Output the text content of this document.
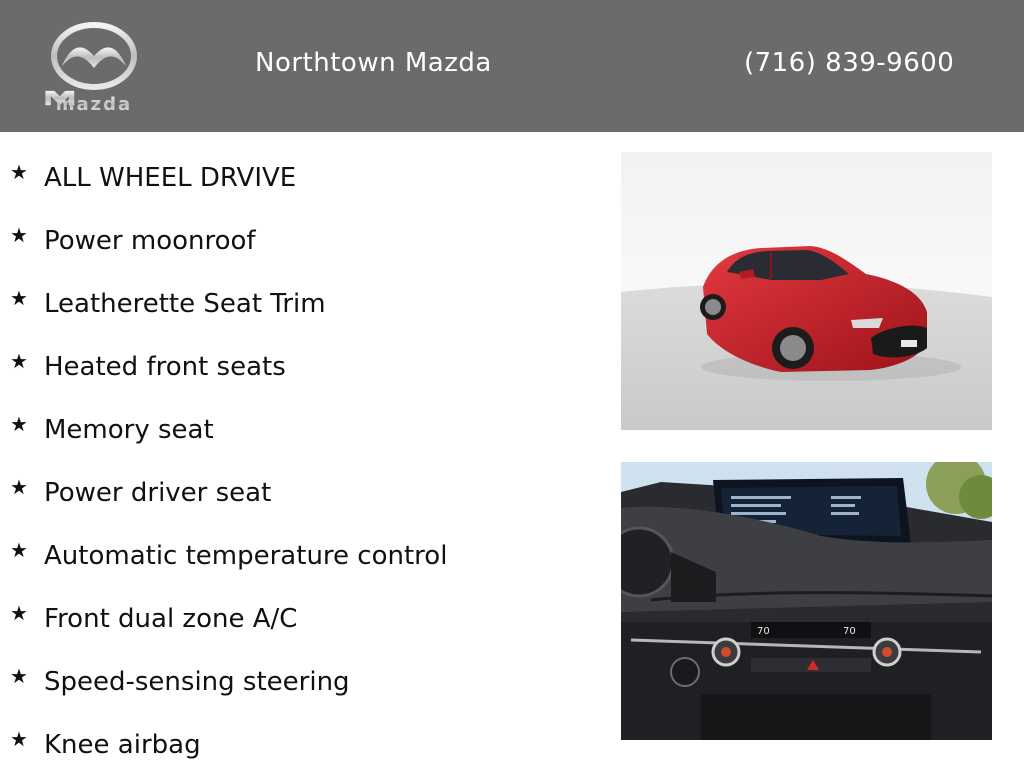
mazda
Northtown Mazda	(716) 839-9600
★ ALL WHEEL DRVIVE
★ Power moonroof
★ Leatherette Seat Trim
★ Heated front seats
★ Memory seat
★ Power driver seat
★ Automatic temperature control
★ Front dual zone A/C
★ Speed-sensing steering
★ Knee airbag
70	70
